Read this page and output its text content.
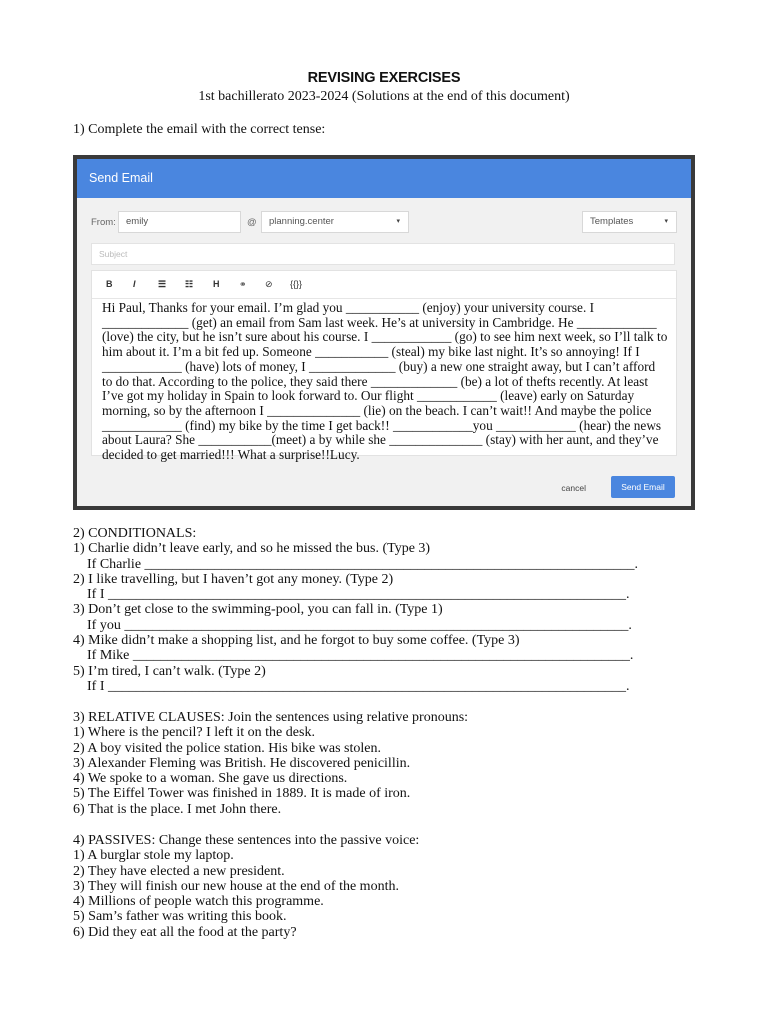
REVISING EXERCISES
1st bachillerato 2023-2024 (Solutions at the end of this document)
1) Complete the email with the correct tense:
Send Email
From:	emily	@	planning.center	▾	Templates	▾
Subject
B I ☰ ☷ H ⚭ ⊘ {{}}
Hi Paul, Thanks for your email. I’m glad you ___________ (enjoy) your university course. I _____________ (get) an email from Sam last week. He’s at university in Cambridge. He ____________ (love) the city, but he isn’t sure about his course. I ____________ (go) to see him next week, so I’ll talk to him about it. I’m a bit fed up. Someone ___________ (steal) my bike last night. It’s so annoying! If I ____________ (have) lots of money, I _____________ (buy) a new one straight away, but I can’t afford to do that. According to the police, they said there _____________ (be) a lot of thefts recently. At least I’ve got my holiday in Spain to look forward to. Our flight ____________ (leave) early on Saturday morning, so by the afternoon I ______________ (lie) on the beach. I can’t wait!! And maybe the police ____________ (find) my bike by the time I get back!! ____________you ____________ (hear) the news about Laura? She ___________(meet) a by while she ______________ (stay) with her aunt, and they’ve decided to get married!!! What a surprise!!Lucy.
cancel	Send Email
2) CONDITIONALS:
1) Charlie didn’t leave early, and so he missed the bus. (Type 3)
If Charlie ______________________________________________________________________.
2) I like travelling, but I haven’t got any money. (Type 2)
If I __________________________________________________________________________.
3) Don’t get close to the swimming-pool, you can fall in. (Type 1)
If you ________________________________________________________________________.
4) Mike didn’t make a shopping list, and he forgot to buy some coffee. (Type 3)
If Mike _______________________________________________________________________.
5) I’m tired, I can’t walk. (Type 2)
If I __________________________________________________________________________.
3) RELATIVE CLAUSES: Join the sentences using relative pronouns:
1) Where is the pencil? I left it on the desk.
2) A boy visited the police station. His bike was stolen.
3) Alexander Fleming was British. He discovered penicillin.
4) We spoke to a woman. She gave us directions.
5) The Eiffel Tower was finished in 1889. It is made of iron.
6) That is the place. I met John there.
4) PASSIVES: Change these sentences into the passive voice:
1) A burglar stole my laptop.
2) They have elected a new president.
3) They will finish our new house at the end of the month.
4) Millions of people watch this programme.
5) Sam’s father was writing this book.
6) Did they eat all the food at the party?
